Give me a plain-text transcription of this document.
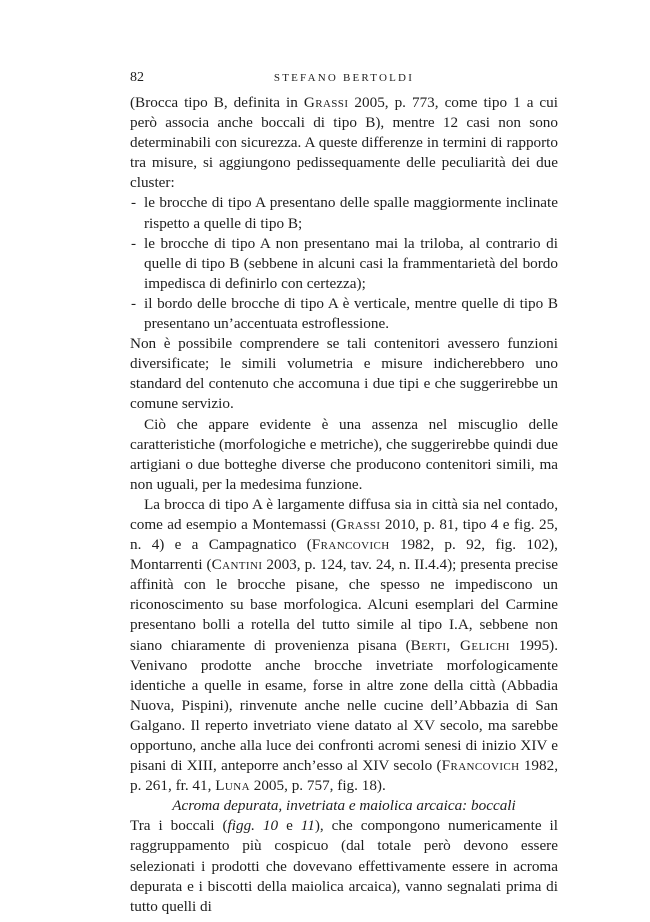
82	STEFANO BERTOLDI

(Brocca tipo B, definita in Grassi 2005, p. 773, come tipo 1 a cui però associa anche boccali di tipo B), mentre 12 casi non sono determinabili con sicurezza. A queste differenze in termini di rapporto tra misure, si aggiungono pedissequamente delle peculiarità dei due cluster:

- le brocche di tipo A presentano delle spalle maggiormente inclinate rispetto a quelle di tipo B;
- le brocche di tipo A non presentano mai la triloba, al contrario di quelle di tipo B (sebbene in alcuni casi la frammentarietà del bordo impedisca di definirlo con certezza);
- il bordo delle brocche di tipo A è verticale, mentre quelle di tipo B presentano un’accentuata estroflessione.

Non è possibile comprendere se tali contenitori avessero funzioni diversificate; le simili volumetria e misure indicherebbero uno standard del contenuto che accomuna i due tipi e che suggerirebbe un comune servizio.

Ciò che appare evidente è una assenza nel miscuglio delle caratteristiche (morfologiche e metriche), che suggerirebbe quindi due artigiani o due botteghe diverse che producono contenitori simili, ma non uguali, per la medesima funzione.

La brocca di tipo A è largamente diffusa sia in città sia nel contado, come ad esempio a Montemassi (Grassi 2010, p. 81, tipo 4 e fig. 25, n. 4) e a Campagnatico (Francovich 1982, p. 92, fig. 102), Montarrenti (Cantini 2003, p. 124, tav. 24, n. II.4.4); presenta precise affinità con le brocche pisane, che spesso ne impediscono un riconoscimento su base morfologica. Alcuni esemplari del Carmine presentano bolli a rotella del tutto simile al tipo I.A, sebbene non siano chiaramente di provenienza pisana (Berti, Gelichi 1995). Venivano prodotte anche brocche invetriate morfologicamente identiche a quelle in esame, forse in altre zone della città (Abbadia Nuova, Pispini), rinvenute anche nelle cucine dell’Abbazia di San Galgano. Il reperto invetriato viene datato al XV secolo, ma sarebbe opportuno, anche alla luce dei confronti acromi senesi di inizio XIV e pisani di XIII, anteporre anch’esso al XIV secolo (Francovich 1982, p. 261, fr. 41, Luna 2005, p. 757, fig. 18).

Acroma depurata, invetriata e maiolica arcaica: boccali

Tra i boccali (figg. 10 e 11), che compongono numericamente il raggruppamento più cospicuo (dal totale però devono essere selezionati i prodotti che dovevano effettivamente essere in acroma depurata e i biscotti della maiolica arcaica), vanno segnalati prima di tutto quelli di
